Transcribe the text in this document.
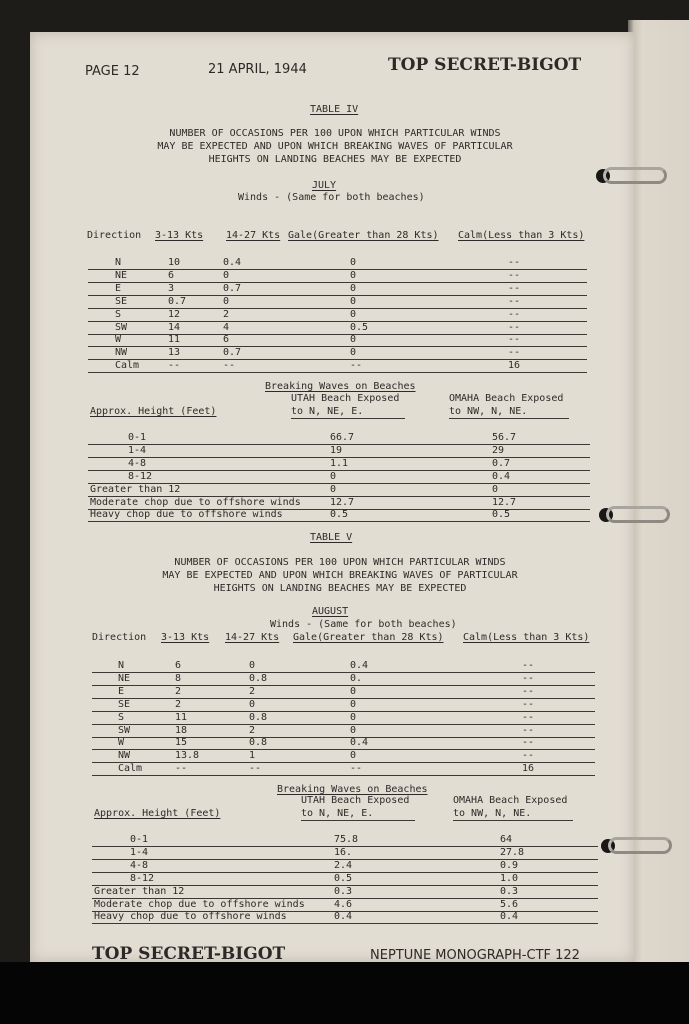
PAGE 12	21 APRIL, 1944	TOP SECRET-BIGOT
TABLE IV
NUMBER OF OCCASIONS PER 100 UPON WHICH PARTICULAR WINDS
MAY BE EXPECTED AND UPON WHICH BREAKING WAVES OF PARTICULAR
HEIGHTS ON LANDING BEACHES MAY BE EXPECTED
JULY
Winds - (Same for both beaches)
Direction 3-13 Kts 14-27 Kts Gale(Greater than 28 Kts) Calm(Less than 3 Kts)
N	10	0.4	0	--
NE	6	0	0	--
E	3	0.7	0	--
SE	0.7	0	0	--
S	12	2	0	--
SW	14	4	0.5	--
W	11	6	0	--
NW	13	0.7	0	--
Calm	--	--	--	16
Breaking Waves on Beaches
UTAH Beach Exposed	OMAHA Beach Exposed
Approx. Height (Feet)	to N, NE, E.	to NW, N, NE.
0-1	66.7	56.7
1-4	19	29
4-8	1.1	0.7
8-12	0	0.4
Greater than 12	0	0
Moderate chop due to offshore winds	12.7	12.7
Heavy chop due to offshore winds	0.5	0.5
TABLE V
NUMBER OF OCCASIONS PER 100 UPON WHICH PARTICULAR WINDS
MAY BE EXPECTED AND UPON WHICH BREAKING WAVES OF PARTICULAR
HEIGHTS ON LANDING BEACHES MAY BE EXPECTED
AUGUST
Winds - (Same for both beaches)
Direction 3-13 Kts 14-27 Kts Gale(Greater than 28 Kts) Calm(Less than 3 Kts)
N	6	0	0.4	--
NE	8	0.8	0.	--
E	2	2	0	--
SE	2	0	0	--
S	11	0.8	0	--
SW	18	2	0	--
W	15	0.8	0.4	--
NW	13.8	1	0	--
Calm	--	--	--	16
Breaking Waves on Beaches
UTAH Beach Exposed	OMAHA Beach Exposed
Approx. Height (Feet)	to N, NE, E.	to NW, N, NE.
0-1	75.8	64
1-4	16.	27.8
4-8	2.4	0.9
8-12	0.5	1.0
Greater than 12	0.3	0.3
Moderate chop due to offshore winds	4.6	5.6
Heavy chop due to offshore winds	0.4	0.4
TOP SECRET-BIGOT	NEPTUNE MONOGRAPH-CTF 122
